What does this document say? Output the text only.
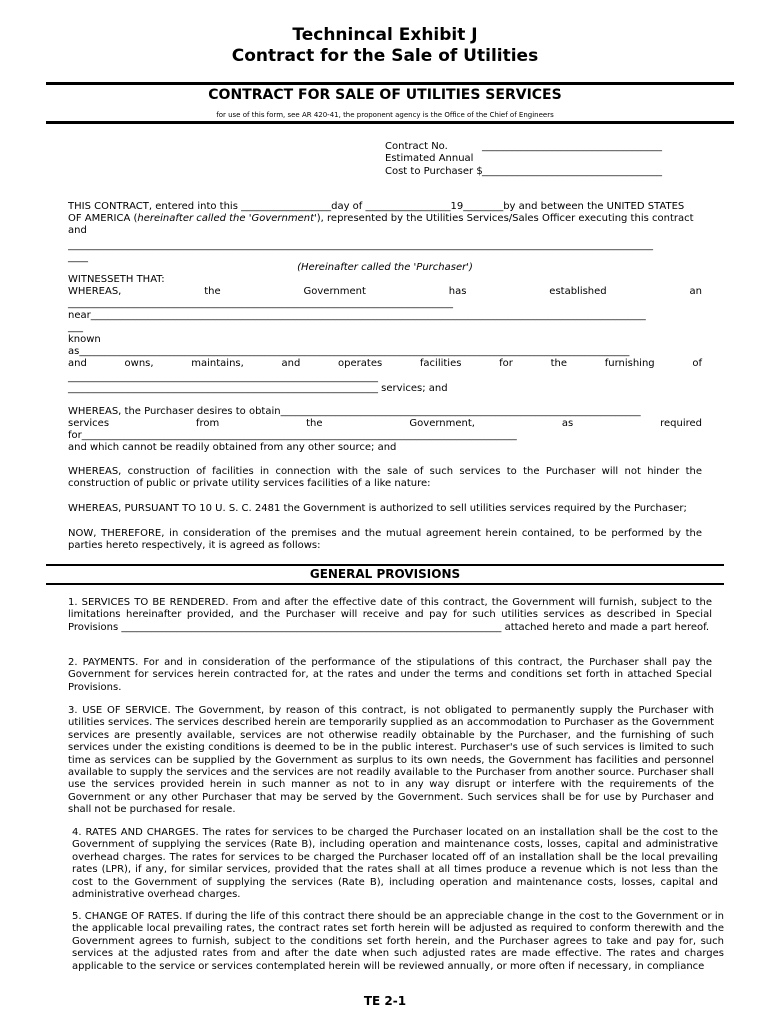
Technincal Exhibit J
Contract for the Sale of Utilities
CONTRACT FOR SALE OF UTILITIES SERVICES
for use of this form, see AR 420-41, the proponent agency is the Office of the Chief of Engineers
Contract No.	____________________________________
Estimated Annual
Cost to Purchaser $ ____________________________________
THIS CONTRACT, entered into this __________________day of _________________19________by and between the UNITED STATES
OF AMERICA (hereinafter called the 'Government'), represented by the Utilities Services/Sales Officer executing this contract
and
_____________________________________________________________________________________________________________________
____
(Hereinafter called the 'Purchaser')
WITNESSETH THAT:
WHEREAS, the Government has established an
_____________________________________________________________________________
near_______________________________________________________________________________________________________________
___
known
as______________________________________________________________________________________________________________
and owns, maintains, and operates facilities for the furnishing of
______________________________________________________________
______________________________________________________________ services; and
WHEREAS, the Purchaser desires to obtain________________________________________________________________________
services from the Government, as required
for_______________________________________________________________________________________
and which cannot be readily obtained from any other source; and
WHEREAS, construction of facilities in connection with the sale of such services to the Purchaser will not hinder the construction of public or private utility services facilities of a like nature:
WHEREAS, PURSUANT TO 10 U. S. C. 2481 the Government is authorized to sell utilities services required by the Purchaser;
NOW, THEREFORE, in consideration of the premises and the mutual agreement herein contained, to be performed by the parties hereto respectively, it is agreed as follows:
GENERAL PROVISIONS
1. SERVICES TO BE RENDERED. From and after the effective date of this contract, the Government will furnish, subject to the limitations hereinafter provided, and the Purchaser will receive and pay for such utilities services as described in Special Provisions ____________________________________________________________________________ attached hereto and made a part hereof.
2. PAYMENTS. For and in consideration of the performance of the stipulations of this contract, the Purchaser shall pay the Government for services herein contracted for, at the rates and under the terms and conditions set forth in attached Special Provisions.
3. USE OF SERVICE. The Government, by reason of this contract, is not obligated to permanently supply the Purchaser with utilities services. The services described herein are temporarily supplied as an accommodation to Purchaser as the Government services are presently available, services are not otherwise readily obtainable by the Purchaser, and the furnishing of such services under the existing conditions is deemed to be in the public interest. Purchaser's use of such services is limited to such time as services can be supplied by the Government as surplus to its own needs, the Government has facilities and personnel available to supply the services and the services are not readily available to the Purchaser from another source. Purchaser shall use the services provided herein in such manner as not to in any way disrupt or interfere with the requirements of the Government or any other Purchaser that may be served by the Government. Such services shall be for use by Purchaser and shall not be purchased for resale.
4. RATES AND CHARGES. The rates for services to be charged the Purchaser located on an installation shall be the cost to the Government of supplying the services (Rate B), including operation and maintenance costs, losses, capital and administrative overhead charges. The rates for services to be charged the Purchaser located off of an installation shall be the local prevailing rates (LPR), if any, for similar services, provided that the rates shall at all times produce a revenue which is not less than the cost to the Government of supplying the services (Rate B), including operation and maintenance costs, losses, capital and administrative overhead charges.
5. CHANGE OF RATES. If during the life of this contract there should be an appreciable change in the cost to the Government or in the applicable local prevailing rates, the contract rates set forth herein will be adjusted as required to conform therewith and the Government agrees to furnish, subject to the conditions set forth herein, and the Purchaser agrees to take and pay for, such services at the adjusted rates from and after the date when such adjusted rates are made effective. The rates and charges applicable to the service or services contemplated herein will be reviewed annually, or more often if necessary, in compliance
TE 2-1
